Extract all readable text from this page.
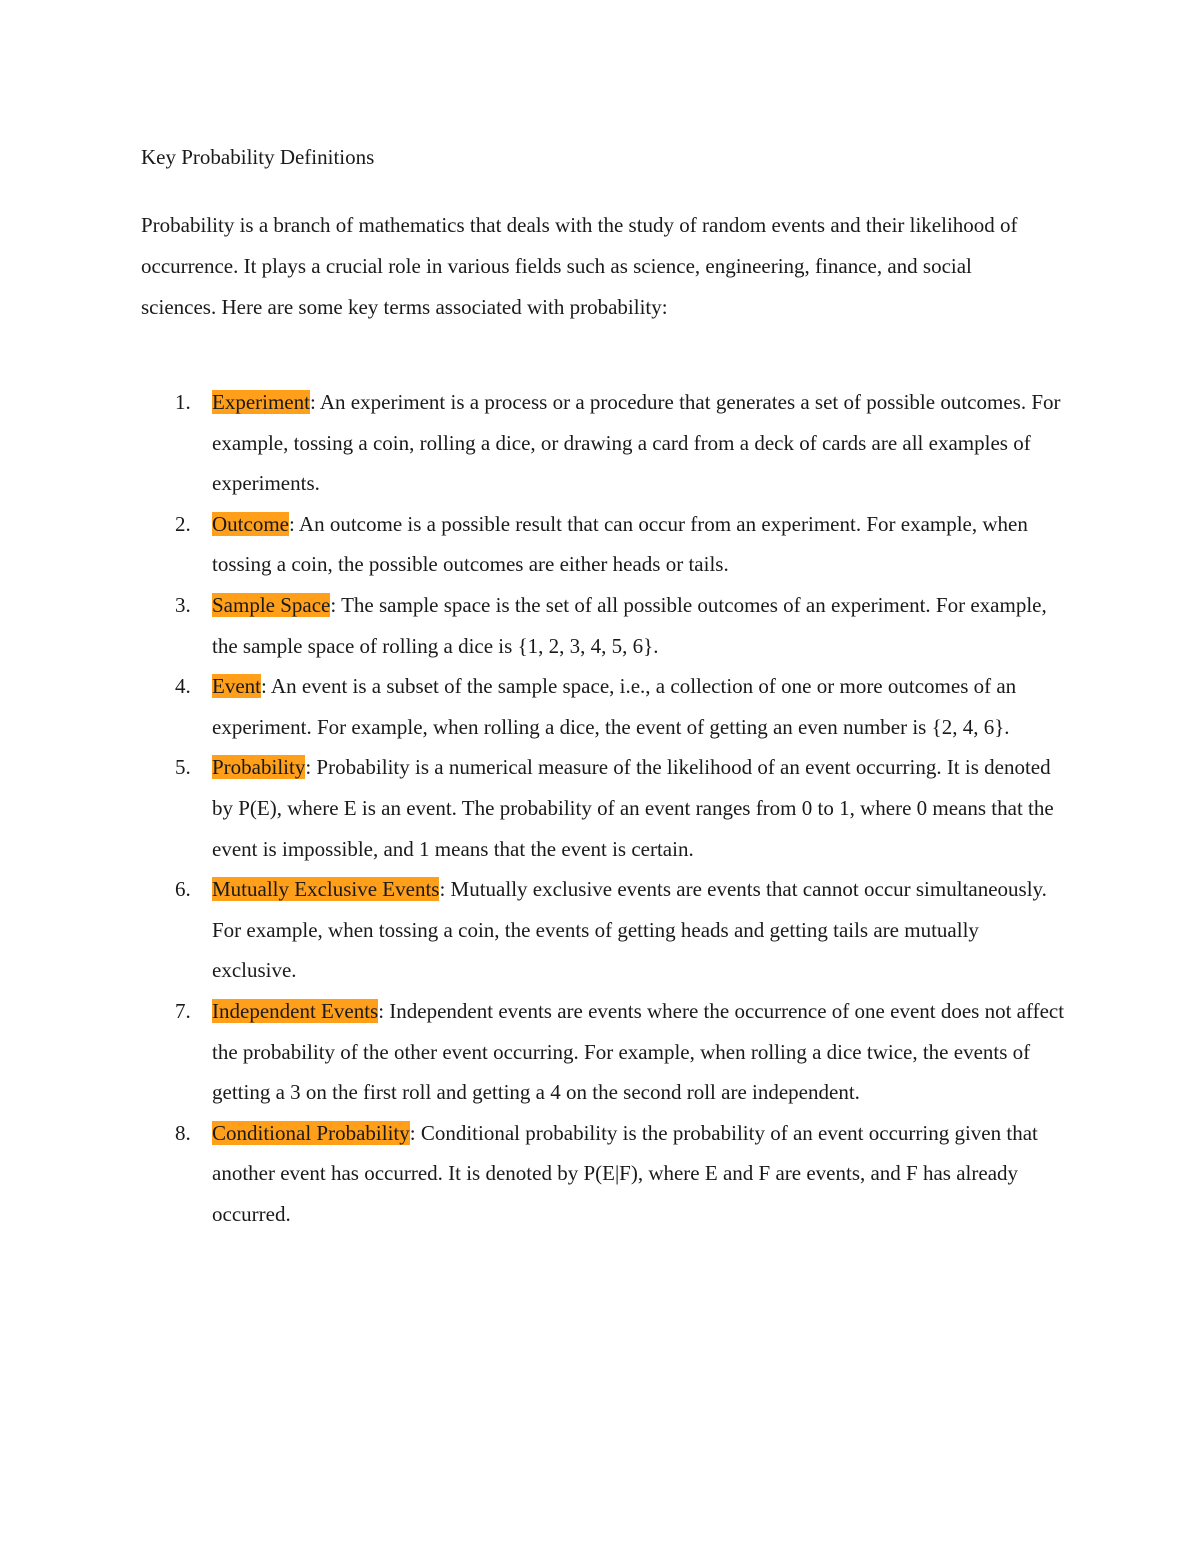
Key Probability Definitions

Probability is a branch of mathematics that deals with the study of random events and their likelihood of occurrence. It plays a crucial role in various fields such as science, engineering, finance, and social sciences. Here are some key terms associated with probability:

1. Experiment: An experiment is a process or a procedure that generates a set of possible outcomes. For example, tossing a coin, rolling a dice, or drawing a card from a deck of cards are all examples of experiments.
2. Outcome: An outcome is a possible result that can occur from an experiment. For example, when tossing a coin, the possible outcomes are either heads or tails.
3. Sample Space: The sample space is the set of all possible outcomes of an experiment. For example, the sample space of rolling a dice is {1, 2, 3, 4, 5, 6}.
4. Event: An event is a subset of the sample space, i.e., a collection of one or more outcomes of an experiment. For example, when rolling a dice, the event of getting an even number is {2, 4, 6}.
5. Probability: Probability is a numerical measure of the likelihood of an event occurring. It is denoted by P(E), where E is an event. The probability of an event ranges from 0 to 1, where 0 means that the event is impossible, and 1 means that the event is certain.
6. Mutually Exclusive Events: Mutually exclusive events are events that cannot occur simultaneously. For example, when tossing a coin, the events of getting heads and getting tails are mutually exclusive.
7. Independent Events: Independent events are events where the occurrence of one event does not affect the probability of the other event occurring. For example, when rolling a dice twice, the events of getting a 3 on the first roll and getting a 4 on the second roll are independent.
8. Conditional Probability: Conditional probability is the probability of an event occurring given that another event has occurred. It is denoted by P(E|F), where E and F are events, and F has already occurred.
